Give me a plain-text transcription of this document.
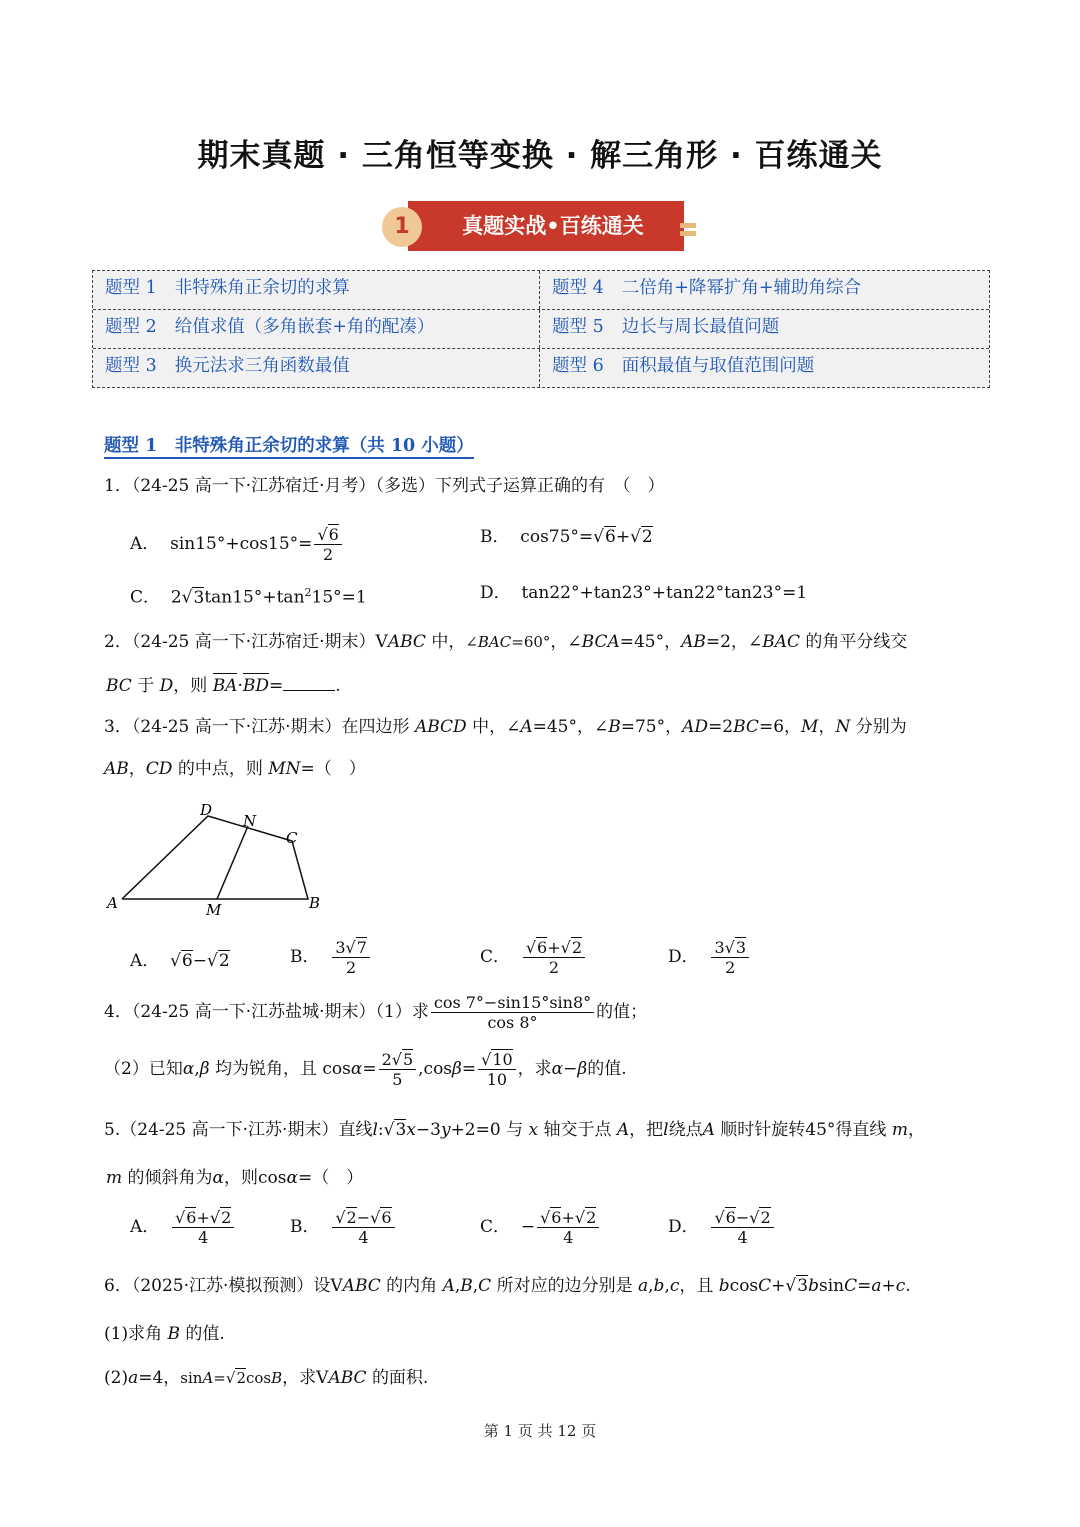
期末真题 · 三角恒等变换 · 解三角形 · 百练通关
真题实战•百练通关
1
题型 1 非特殊角正余切的求算	题型 4 二倍角+降幂扩角+辅助角综合
题型 2 给值求值（多角嵌套+角的配凑）	题型 5 边长与周长最值问题
题型 3 换元法求三角函数最值	题型 6 面积最值与取值范围问题
题型 1　非特殊角正余切的求算（共 10 小题）
1．（24-25 高一下·江苏宿迁·月考）（多选）下列式子运算正确的有　（　）
A．  $\sin 15^\circ+\cos 15^\circ= \frac{√6}{2}$	B．  cos75°=√6+√2
C．  $2√3\tan 15^\circ+\tan^215^\circ=1$	D．  tan22°+tan23°+tan22°tan23°=1
2．（24-25 高一下·江苏宿迁·期末）VABC 中，∠BAC=60°，∠BCA=45°，AB=2，∠BAC 的角平分线交
BC 于 D，则 BA·BD=	.
3．（24-25 高一下·江苏·期末）在四边形 ABCD 中，∠A=45°，∠B=75°，AD=2BC=6，M，N 分别为
AB，CD 的中点，则 MN=（　）
D
N
C
A	M	B
A．  √6−√2	B． $\frac{3√7}{2}$	C． $\frac{√6+√2}{2}$	D． $\frac{3√3}{2}$
4．（24-25 高一下·江苏盐城·期末）（1）求 $\frac{\cos 7^\circ-\sin 15^\circ\sin 8^\circ}{\cos 8^\circ}$ 的值；
（2）已知α,β 均为锐角，且 $\cos\alpha= \frac{2√5}{5} ,\cos\beta= \frac{√10}{10}$ ，求α−β的值.
5.（24-25 高一下·江苏·期末）直线l:√3x−3y+2=0 与 x 轴交于点 A，把l绕点A 顺时针旋转45°得直线 m，
m 的倾斜角为α，则cosα=（　）
A． $\frac{√6+√2}{4}$	B． $\frac{√2-√6}{4}$	C．  − $\frac{√6+√2}{4}$	D． $\frac{√6-√2}{4}$
6．（2025·江苏·模拟预测）设VABC 的内角 A,B,C 所对应的边分别是 a,b,c，且 bcosC+√3bsinC=a+c.
(1)求角 B 的值.
(2)a=4，sinA=√2cosB，求VABC 的面积.
第 1 页 共 12 页
